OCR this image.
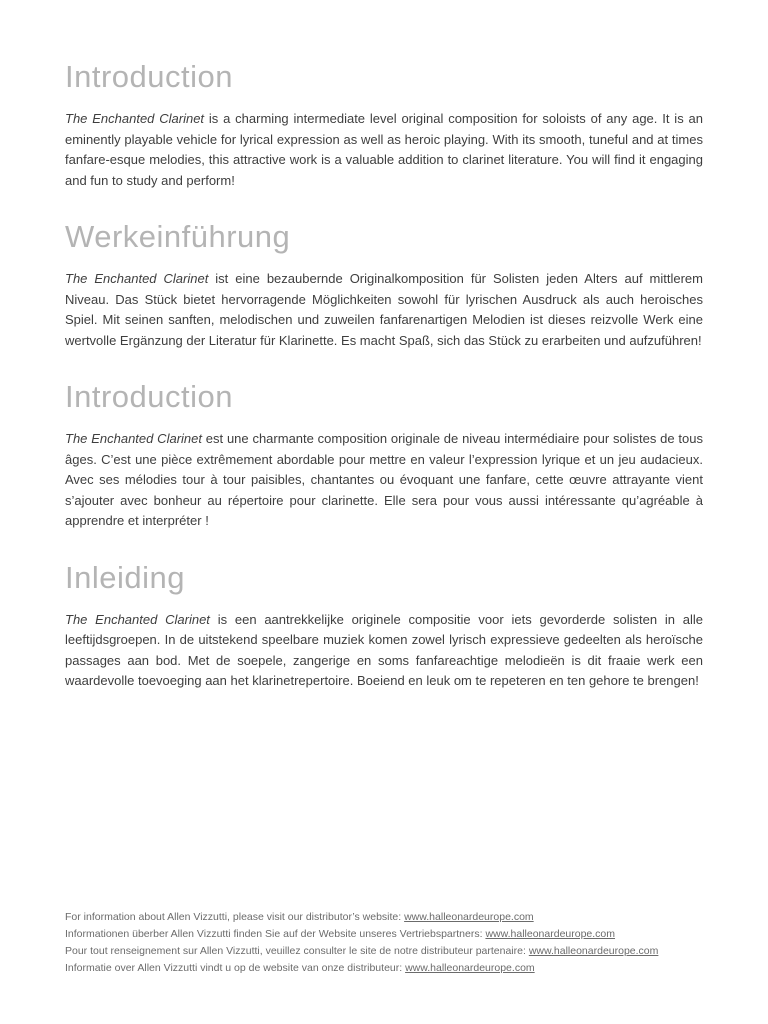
Introduction

The Enchanted Clarinet is a charming intermediate level original composition for soloists of any age. It is an eminently playable vehicle for lyrical expression as well as heroic playing. With its smooth, tuneful and at times fanfare-esque melodies, this attractive work is a valuable addition to clarinet literature. You will find it engaging and fun to study and perform!

Werkeinführung

The Enchanted Clarinet ist eine bezaubernde Originalkomposition für Solisten jeden Alters auf mittlerem Niveau. Das Stück bietet hervorragende Möglichkeiten sowohl für lyrischen Ausdruck als auch heroisches Spiel. Mit seinen sanften, melodischen und zuweilen fanfarenartigen Melodien ist dieses reizvolle Werk eine wertvolle Ergänzung der Literatur für Klarinette. Es macht Spaß, sich das Stück zu erarbeiten und aufzuführen!

Introduction

The Enchanted Clarinet est une charmante composition originale de niveau intermédiaire pour solistes de tous âges. C’est une pièce extrêmement abordable pour mettre en valeur l’expression lyrique et un jeu audacieux. Avec ses mélodies tour à tour paisibles, chantantes ou évoquant une fanfare, cette œuvre attrayante vient s’ajouter avec bonheur au répertoire pour clarinette. Elle sera pour vous aussi intéressante qu’agréable à apprendre et interpréter !

Inleiding

The Enchanted Clarinet is een aantrekkelijke originele compositie voor iets gevorderde solisten in alle leeftijdsgroepen. In de uitstekend speelbare muziek komen zowel lyrisch expressieve gedeelten als heroïsche passages aan bod. Met de soepele, zangerige en soms fanfareachtige melodieën is dit fraaie werk een waardevolle toevoeging aan het klarinetrepertoire. Boeiend en leuk om te repeteren en ten gehore te brengen!

For information about Allen Vizzutti, please visit our distributor’s website: www.halleonardeurope.com

Informationen überber Allen Vizzutti finden Sie auf der Website unseres Vertriebspartners: www.halleonardeurope.com

Pour tout renseignement sur Allen Vizzutti, veuillez consulter le site de notre distributeur partenaire: www.halleonardeurope.com

Informatie over Allen Vizzutti vindt u op de website van onze distributeur: www.halleonardeurope.com
